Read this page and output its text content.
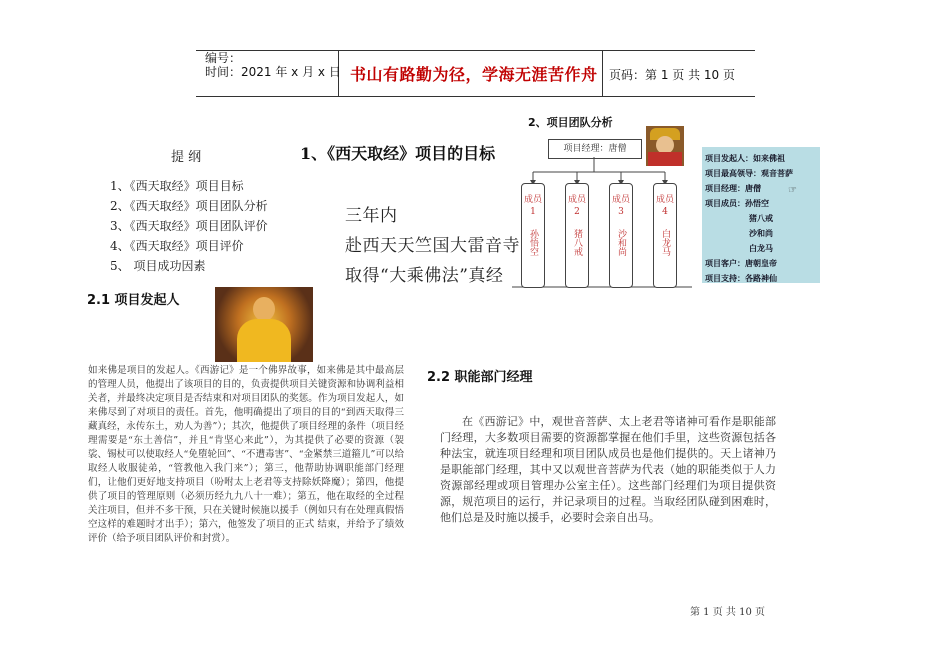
编号：
时间：2021 年 x 月 x 日 书山有路勤为径，学海无涯苦作舟 页码：第 1 页 共 10 页
提 纲
1、《西天取经》项目目标
2、《西天取经》项目团队分析
3、《西天取经》项目团队评价
4、《西天取经》项目评价
5、 项目成功因素
1、《西天取经》项目的目标
三年内
赴西天天竺国大雷音寺
取得“大乘佛法”真经
2、项目团队分析
项目经理：唐僧
成员
1
孙悟空
成员
2
猪八戒
成员
3
沙和尚
成员
4
白龙马
项目发起人：如来佛祖
项目最高领导：观音菩萨
项目经理：唐僧
项目成员：孙悟空
猪八戒
沙和尚
白龙马
项目客户：唐朝皇帝
项目支持：各路神仙
☞
2.1 项目发起人
如来佛是项目的发起人。《西游记》是一个佛界故事，如来佛是其中最高层的管理人员，他提出了该项目的目的，负责提供项目关键资源和协调利益相关者，并最终决定项目是否结束和对项目团队的奖惩。作为项目发起人，如来佛尽到了对项目的责任。首先，他明确提出了项目的目的“到西天取得三藏真经，永传东土，劝人为善”）；其次，他提供了项目经理的条件（项目经理需要是“东土善信”，并且“肯坚心来此”），为其提供了必要的资源（袈裟、锡杖可以使取经人“免堕轮回”、“不遭毒害”、“金紧禁三道箍儿”可以给取经人收服徒弟，“管教他入我门来”）；第三，他帮助协调职能部门经理们，让他们更好地支持项目（吩咐太上老君等支持除妖降魔）；第四，他提供了项目的管理原则（必须历经九九八十一难）；第五，他在取经的全过程关注项目，但并不多干预，只在关键时候施以援手（例如只有在处理真假悟空这样的难题时才出手）；第六，他签发了项目的正式 结束，并给予了绩效评价（给予项目团队评价和封赏）。
2.2 职能部门经理
在《西游记》中，观世音菩萨、太上老君等诸神可看作是职能部门经理，大多数项目需要的资源都掌握在他们手里，这些资源包括各种法宝，就连项目经理和项目团队成员也是他们提供的。天上诸神乃是职能部门经理，其中又以观世音菩萨为代表（她的职能类似于人力资源部经理或项目管理办公室主任）。这些部门经理们为项目提供资源，规范项目的运行，并记录项目的过程。当取经团队碰到困难时，他们总是及时施以援手，必要时会亲自出马。
第 1 页 共 10 页
